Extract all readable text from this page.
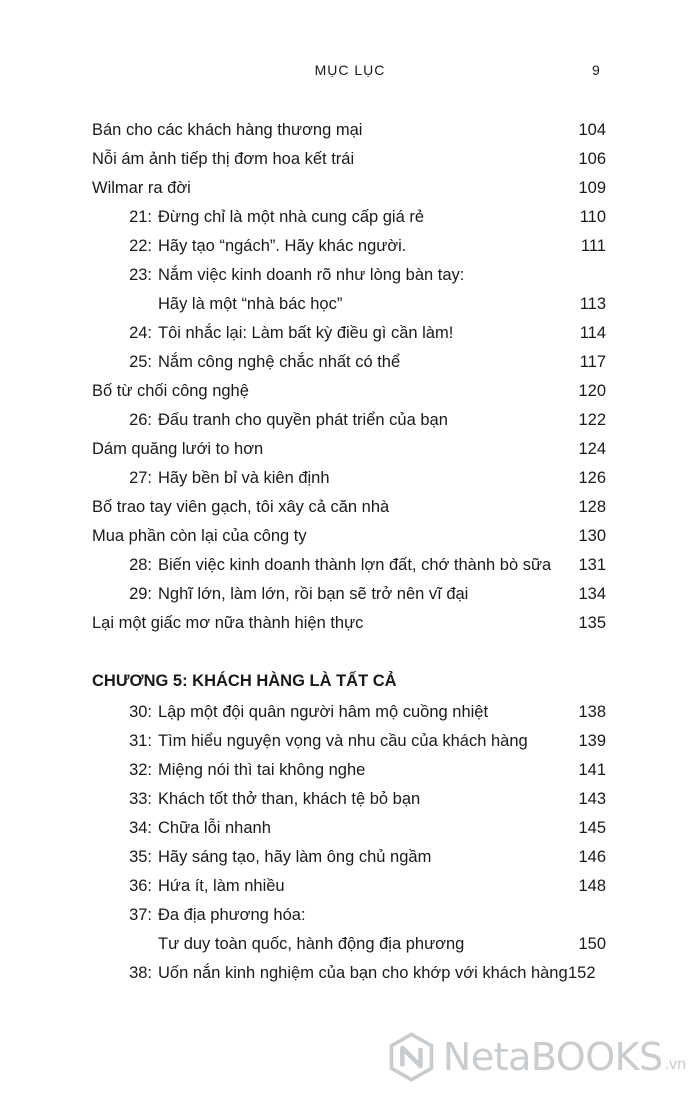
MỤC LỤC	9
Bán cho các khách hàng thương mại	104
Nỗi ám ảnh tiếp thị đơm hoa kết trái	106
Wilmar ra đời	109
21: Đừng chỉ là một nhà cung cấp giá rẻ	110
22: Hãy tạo “ngách”. Hãy khác người.	111
23: Nắm việc kinh doanh rõ như lòng bàn tay:
Hãy là một “nhà bác học”	113
24: Tôi nhắc lại: Làm bất kỳ điều gì cần làm!	114
25: Nắm công nghệ chắc nhất có thể	117
Bố từ chối công nghệ	120
26: Đấu tranh cho quyền phát triển của bạn	122
Dám quăng lưới to hơn	124
27: Hãy bền bỉ và kiên định	126
Bố trao tay viên gạch, tôi xây cả căn nhà	128
Mua phần còn lại của công ty	130
28: Biến việc kinh doanh thành lợn đất, chớ thành bò sữa 131
29: Nghĩ lớn, làm lớn, rồi bạn sẽ trở nên vĩ đại	134
Lại một giấc mơ nữa thành hiện thực	135
CHƯƠNG 5: KHÁCH HÀNG LÀ TẤT CẢ
30: Lập một đội quân người hâm mộ cuồng nhiệt	138
31: Tìm hiểu nguyện vọng và nhu cầu của khách hàng	139
32: Miệng nói thì tai không nghe	141
33: Khách tốt thở than, khách tệ bỏ bạn	143
34: Chữa lỗi nhanh	145
35: Hãy sáng tạo, hãy làm ông chủ ngầm	146
36: Hứa ít, làm nhiều	148
37: Đa địa phương hóa:
Tư duy toàn quốc, hành động địa phương	150
38: Uốn nắn kinh nghiệm của bạn cho khớp với khách hàng 152
NetaBOOKS .vn
